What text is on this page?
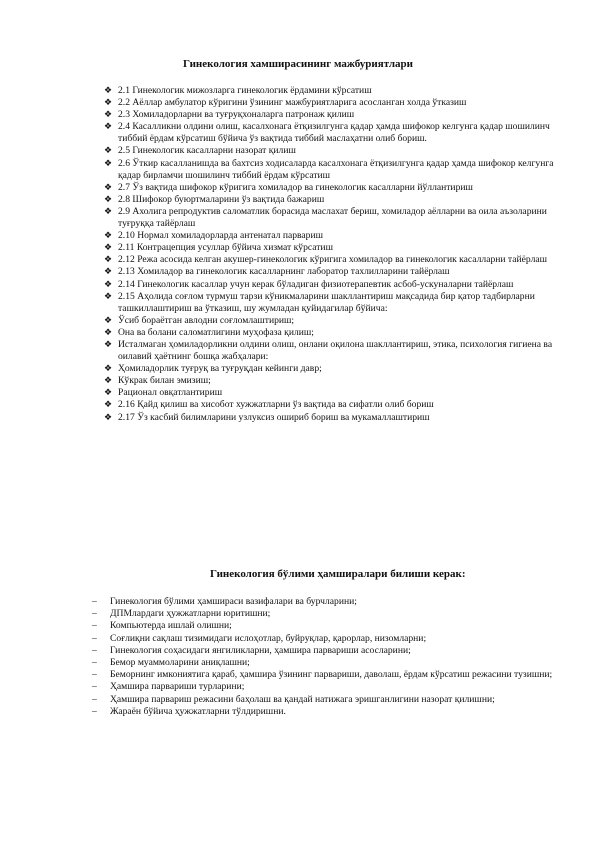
Гинекология хамширасининг мажбуриятлари
❖ 2.1 Гинекологик мижозларга гинекологик ёрдамини кўрсатиш
❖ 2.2 Аёллар амбулатор кўригини ўзининг мажбуриятларига асосланган холда ўтказиш
❖ 2.3 Хомиладорларни ва туғруқхоналарга патронаж қилиш
❖ 2.4 Касалликни олдини олиш, касалхонага ётқизилгунга қадар ҳамда шифокор келгунга қадар шошилинч тиббий ёрдам кўрсатиш бўйича ўз вақтида тиббий маслаҳатни олиб бориш.
❖ 2.5 Гинекологик касалларни назорат қилиш
❖ 2.6 Ўткир касалланишда ва бахтсиз ходисаларда касалхонага ётқизилгунга қадар ҳамда шифокор келгунга қадар бирламчи шошилинч тиббий ёрдам кўрсатиш
❖ 2.7 Ўз вақтида шифокор кўригига хомиладор ва гинекологик касалларни йўллантириш
❖ 2.8 Шифокор буюртмаларини ўз вақтида бажариш
❖ 2.9 Ахолига репродуктив саломатлик борасида маслахат бериш, хомиладор аёлларни ва оила аъзоларини туғруққа тайёрлаш
❖ 2.10 Нормал хомиладорларда антенатал парвариш
❖ 2.11 Контрацепция усуллар бўйича хизмат кўрсатиш
❖ 2.12 Режа асосида келган акушер-гинекологик кўригига хомиладор ва гинекологик касалларни тайёрлаш
❖ 2.13 Хомиладор ва гинекологик касалларнинг лаборатор тахлилларини тайёрлаш
❖ 2.14 Гинекологик касаллар учун керак бўладиган физиотерапевтик асбоб-ускуналарни тайёрлаш
❖ 2.15 Аҳолида соғлом турмуш тарзи кўникмаларини шакллантириш мақсадида бир қатор тадбирларни ташкиллаштириш ва ўтказиш, шу жумладан қуйидагилар бўйича:
❖ Ўсиб бораётган авлодни соғломлаштириш;
❖ Она ва болани саломатлигини муҳофаза қилиш;
❖ Исталмаган ҳомиладорликни олдини олиш, онлани оқилона шакллантириш, этика, психология гигиена ва оилавий ҳаётнинг бошқа жабҳалари:
❖ Ҳомиладорлик туғруқ ва туғруқдан кейинги давр;
❖ Кўкрак билан эмизиш;
❖ Рационал овқатлантириш
❖ 2.16 Қайд қилиш ва хисобот хужжатларни ўз вақтида ва сифатли олиб бориш
❖ 2.17 Ўз касбий билимларини узлуксиз ошириб бориш ва мукамаллаштириш
Гинекология бўлими ҳамширалари билиши керак:
–	Гинекология бўлими ҳамшираси вазифалари ва бурчларини;
–	ДПМлардаги ҳужжатларни юритишни;
–	Компьютерда ишлай олишни;
–	Соғлиқни сақлаш тизимидаги ислоҳотлар, буйруқлар, қарорлар, низомларни;
–	Гинекология соҳасидаги янгиликларни, ҳамшира парвариши асосларини;
–	Бемор муаммоларини аниқлашни;
–	Беморнинг имкониятига қараб, ҳамшира ўзининг парвариши, даволаш, ёрдам кўрсатиш режасини тузишни;
–	Ҳамшира парвариши турларини;
–	Ҳамшира парвариш режасини баҳолаш ва қандай натижага эришганлигини назорат қилишни;
–	Жараён бўйича ҳужжатларни тўлдиришни.
